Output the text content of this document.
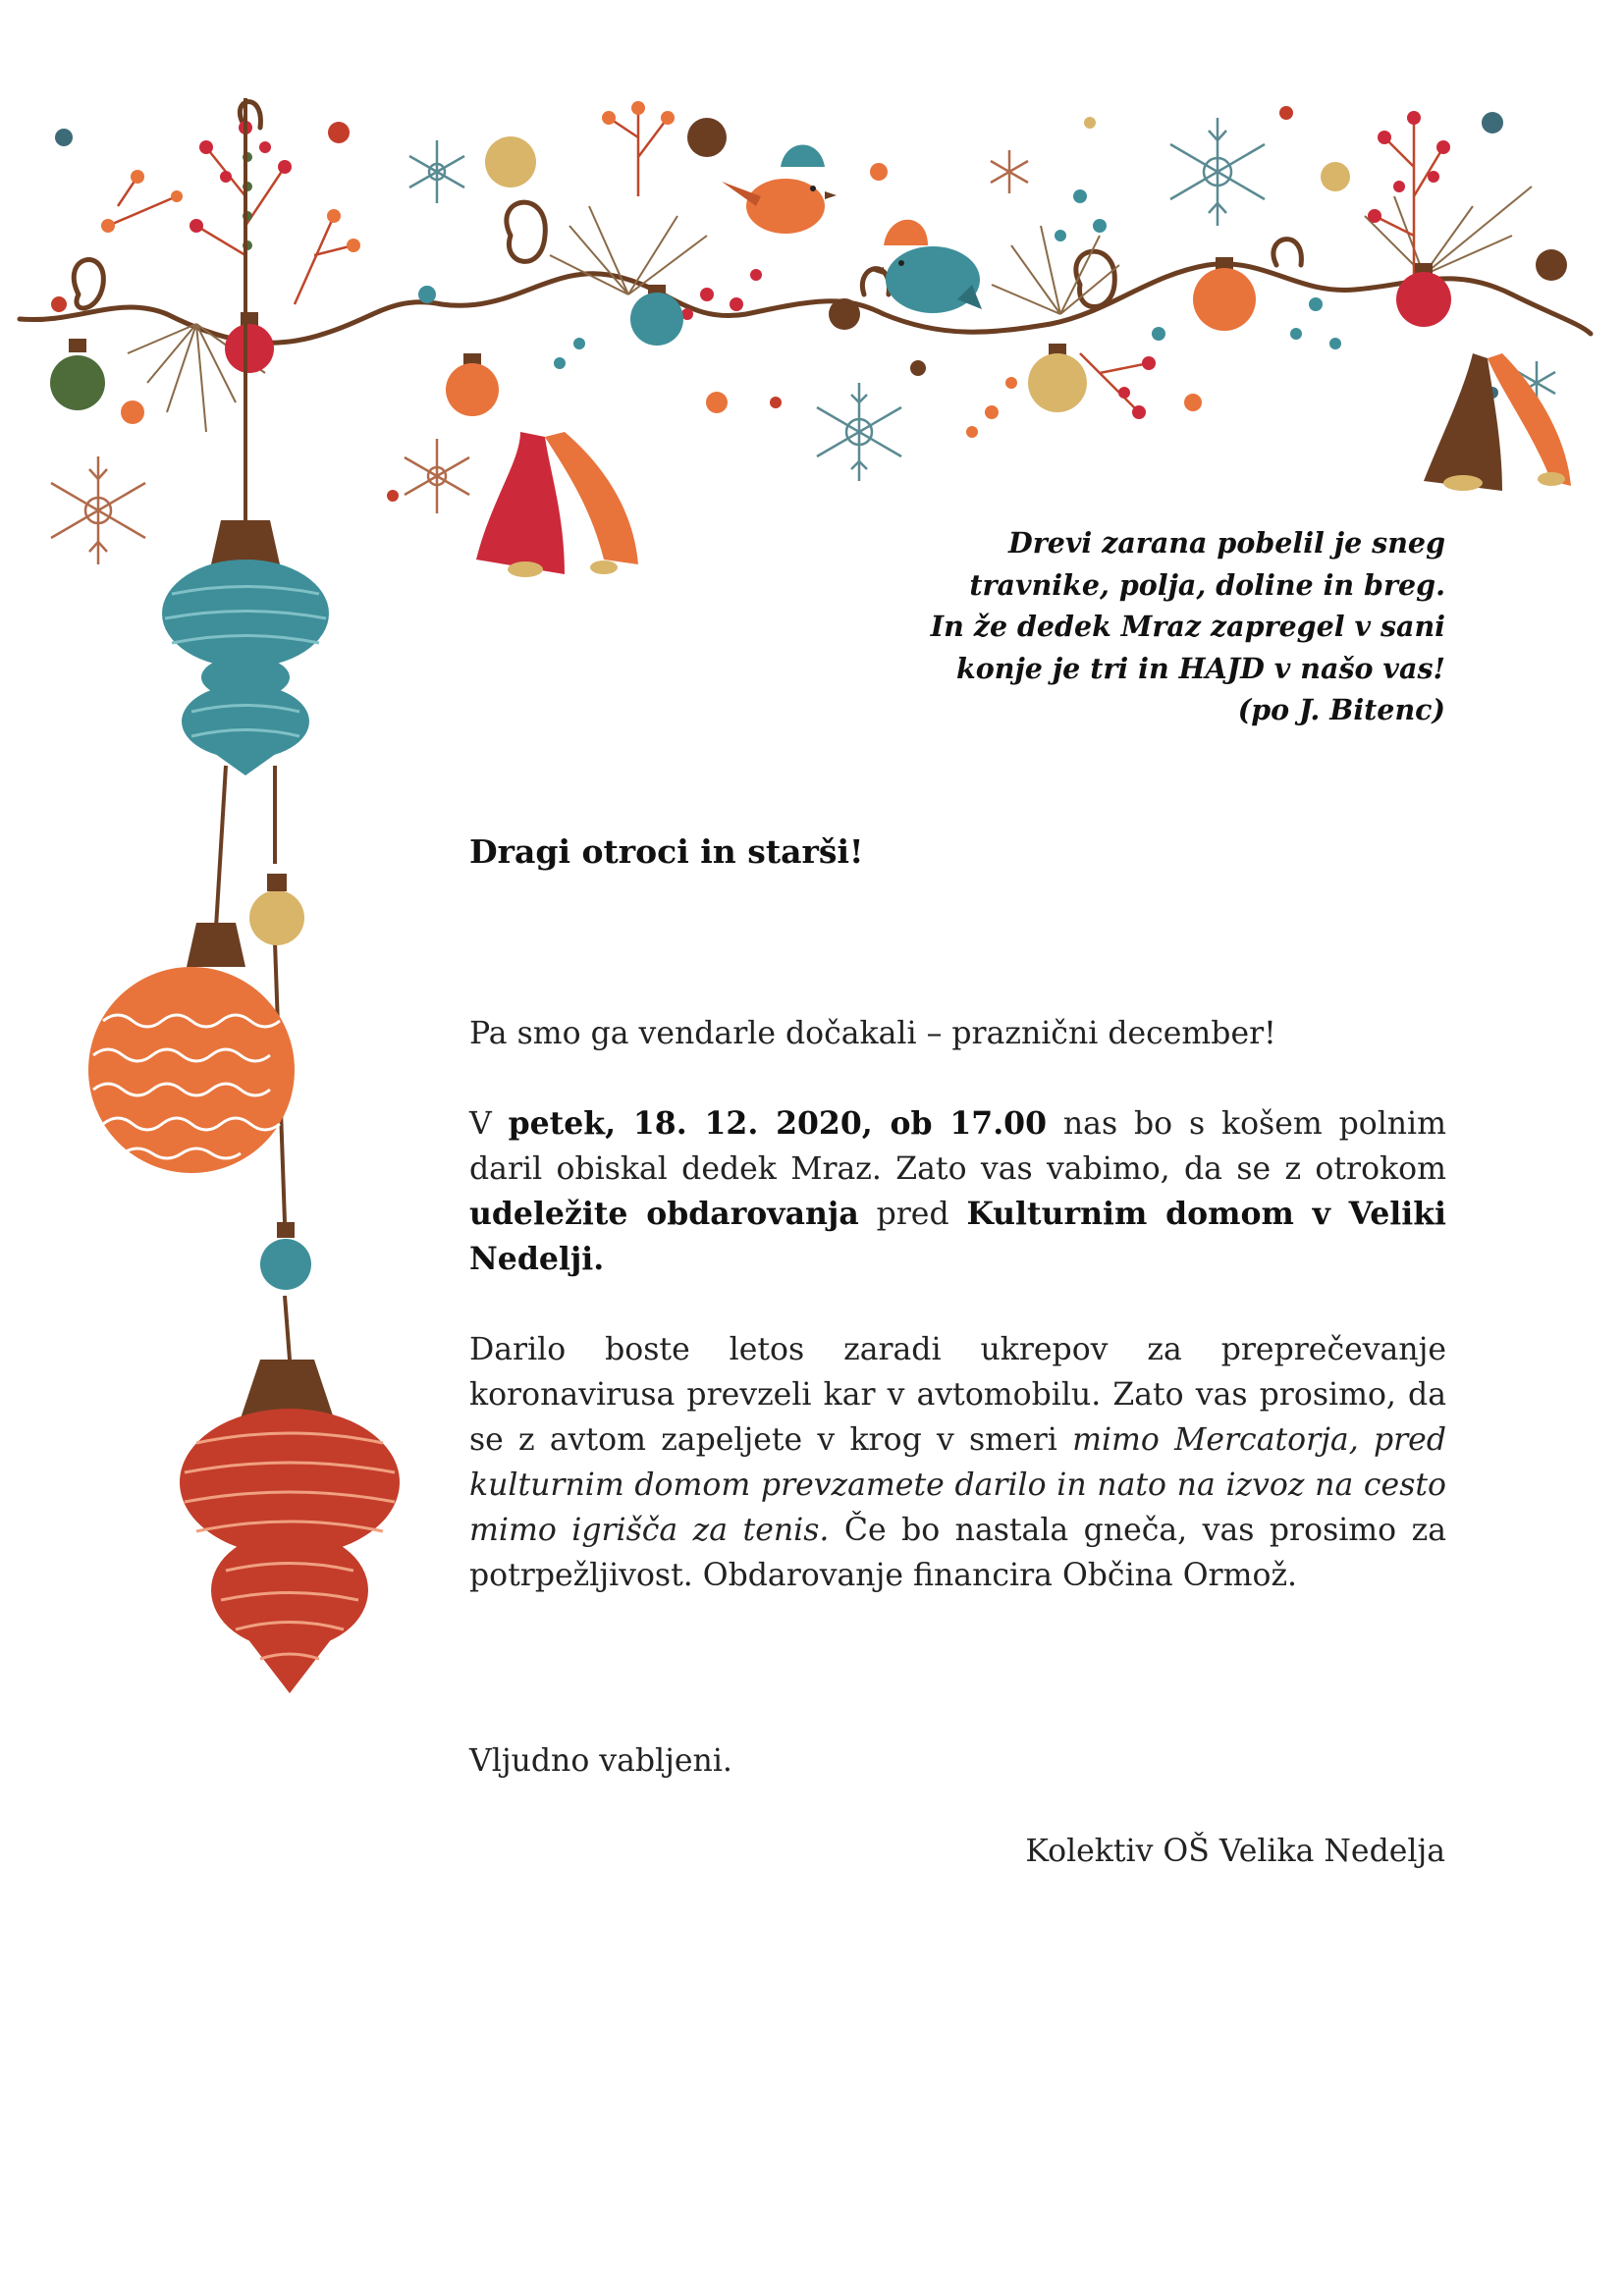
Drevi zarana pobelil je sneg
travnike, polja, doline in breg.
In že dedek Mraz zapregel v sani
konje je tri in HAJD v našo vas!
(po J. Bitenc)
Dragi otroci in starši!

Pa smo ga vendarle dočakali – praznični december!

V petek, 18. 12. 2020, ob 17.00 nas bo s košem polnim daril obiskal dedek Mraz. Zato vas vabimo, da se z otrokom udeležite obdarovanja pred Kulturnim domom v Veliki Nedelji.

Darilo boste letos zaradi ukrepov za preprečevanje koronavirusa prevzeli kar v avtomobilu. Zato vas prosimo, da se z avtom zapeljete v krog v smeri mimo Mercatorja, pred kulturnim domom prevzamete darilo in nato na izvoz na cesto mimo igrišča za tenis. Če bo nastala gneča, vas prosimo za potrpežljivost. Obdarovanje financira Občina Ormož.

Vljudno vabljeni.
Kolektiv OŠ Velika Nedelja
